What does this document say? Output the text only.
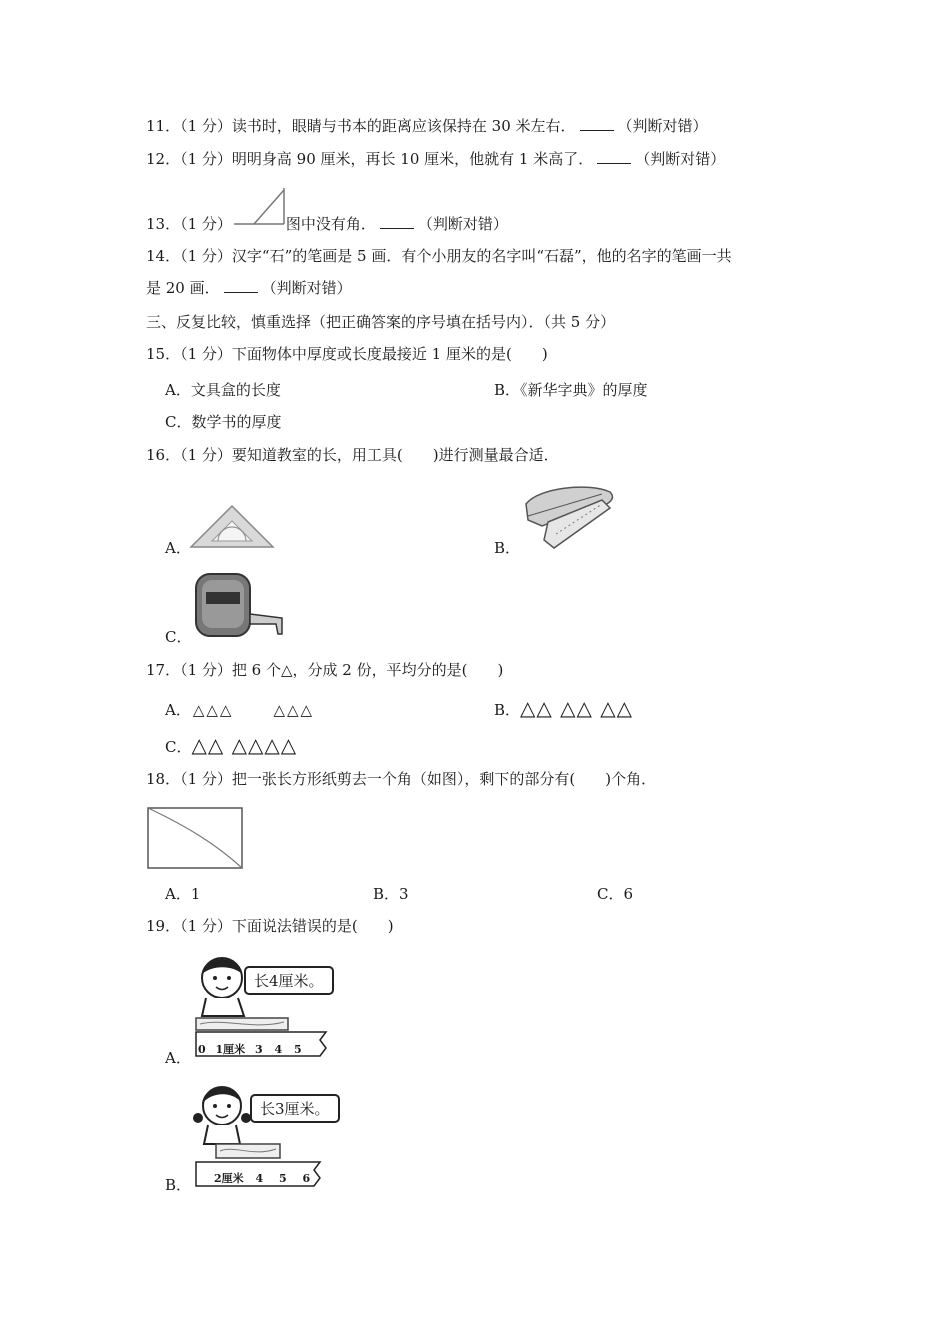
11．（1 分）读书时，眼睛与书本的距离应该保持在 30 米左右．	（判断对错）
12．（1 分）明明身高 90 厘米，再长 10 厘米，他就有 1 米高了．	（判断对错）
13．（1 分）	图中没有角．	（判断对错）
14．（1 分）汉字“石”的笔画是 5 画．有个小朋友的名字叫“石磊”，他的名字的笔画一共
是 20 画．	（判断对错）
三、反复比较，慎重选择（把正确答案的序号填在括号内）．（共 5 分）
15．（1 分）下面物体中厚度或长度最接近 1 厘米的是(　　)
A．文具盒的长度	B．《新华字典》的厚度
C．数学书的厚度
16．（1 分）要知道教室的长，用工具(　　)进行测量最合适．
A．	B．
C．
17．（1 分）把 6 个△，分成 2 份，平均分的是(　　)
A． △△△	△△△	B．△△ △△ △△
C．△△ △△△△
18．（1 分）把一张长方形纸剪去一个角（如图），剩下的部分有(　　)个角．
A．1	B．3	C．6
19．（1 分）下面说法错误的是(　　)
A．
长4厘米。
0 1厘米 3 4 5
B．
长3厘米。
2厘米 4 5 6
